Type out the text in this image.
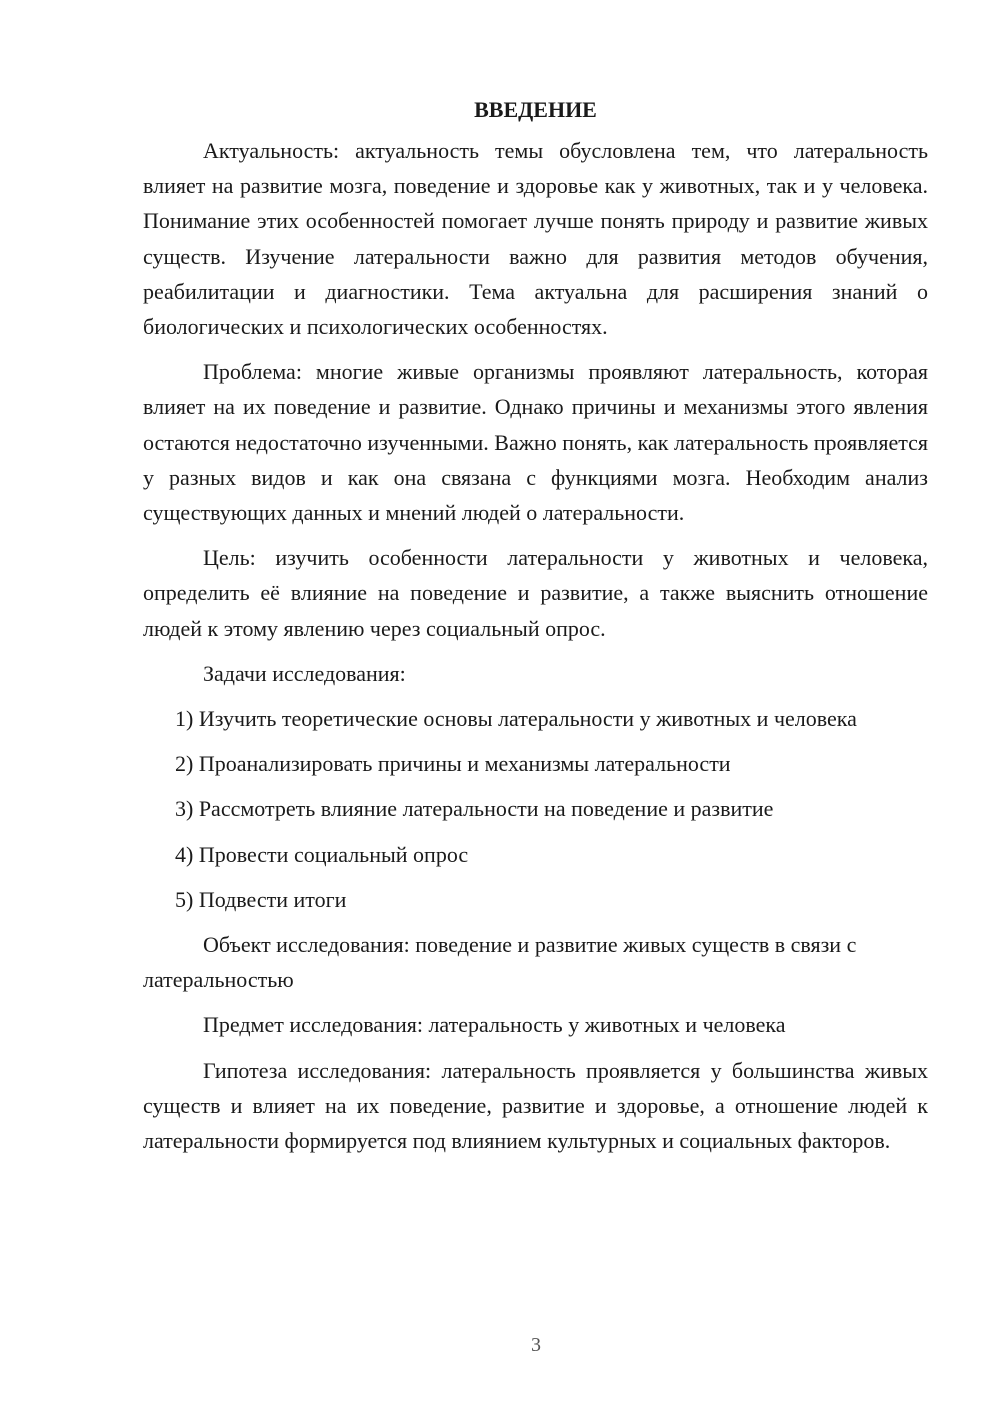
ВВЕДЕНИЕ

Актуальность: актуальность темы обусловлена тем, что латеральность влияет на развитие мозга, поведение и здоровье как у животных, так и у человека. Понимание этих особенностей помогает лучше понять природу и развитие живых существ. Изучение латеральности важно для развития методов обучения, реабилитации и диагностики. Тема актуальна для расширения знаний о биологических и психологических особенностях.

Проблема: многие живые организмы проявляют латеральность, которая влияет на их поведение и развитие. Однако причины и механизмы этого явления остаются недостаточно изученными. Важно понять, как латеральность проявляется у разных видов и как она связана с функциями мозга. Необходим анализ существующих данных и мнений людей о латеральности.

Цель: изучить особенности латеральности у животных и человека, определить её влияние на поведение и развитие, а также выяснить отношение людей к этому явлению через социальный опрос.

Задачи исследования:

1) Изучить теоретические основы латеральности у животных и человека

2) Проанализировать причины и механизмы латеральности

3) Рассмотреть влияние латеральности на поведение и развитие

4) Провести социальный опрос

5) Подвести итоги

Объект исследования: поведение и развитие живых существ в связи с латеральностью

Предмет исследования: латеральность у животных и человека

Гипотеза исследования: латеральность проявляется у большинства живых существ и влияет на их поведение, развитие и здоровье, а отношение людей к латеральности формируется под влиянием культурных и социальных факторов.

3
